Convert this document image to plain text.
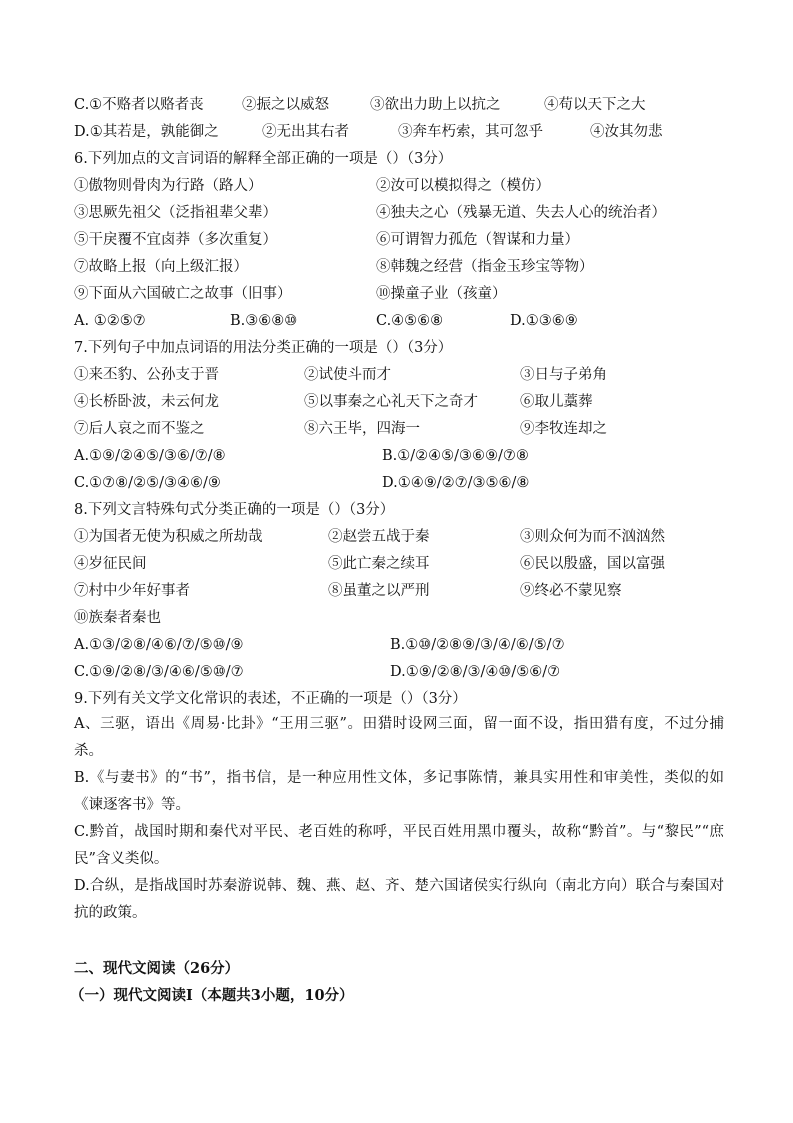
C.①不赂者以赂者丧	②振之以威怒	③欲出力助上以抗之	④苟以天下之大
D.①其若是，孰能御之	②无出其右者	③奔车朽索，其可忽乎	④汝其勿悲
6.下列加点的文言词语的解释全部正确的一项是（）（3分）
①傲物则骨肉为行路（路人）	②汝可以模拟得之（模仿）
③思厥先祖父（泛指祖辈父辈）	④独夫之心（残暴无道、失去人心的统治者）
⑤干戾覆不宜卤莽（多次重复）	⑥可谓智力孤危（智谋和力量）
⑦故略上报（向上级汇报）	⑧韩魏之经营（指金玉珍宝等物）
⑨下面从六国破亡之故事（旧事）	⑩操童子业（孩童）
A. ①②⑤⑦	B.③⑥⑧⑩	C.④⑤⑥⑧	D.①③⑥⑨
7.下列句子中加点词语的用法分类正确的一项是（）（3分）
①来丕豹、公孙支于晋	②试使斗而才	③日与子弟角
④长桥卧波，未云何龙	⑤以事秦之心礼天下之奇才	⑥取儿藁葬
⑦后人哀之而不鉴之	⑧六王毕，四海一	⑨李牧连却之
A.①⑨/②④⑤/③⑥/⑦/⑧	B.①/②④⑤/③⑥⑨/⑦⑧
C.①⑦⑧/②⑤/③④⑥/⑨	D.①④⑨/②⑦/③⑤⑥/⑧
8.下列文言特殊句式分类正确的一项是（）（3分）
①为国者无使为积威之所劫哉	②赵尝五战于秦	③则众何为而不汹汹然
④岁征民间	⑤此亡秦之续耳	⑥民以殷盛，国以富强
⑦村中少年好事者	⑧虽董之以严刑	⑨终必不蒙见察
⑩族秦者秦也
A.①③/②⑧/④⑥/⑦/⑤⑩/⑨	B.①⑩/②⑧⑨/③/④/⑥/⑤/⑦
C.①⑨/②⑧/③/④⑥/⑤⑩/⑦	D.①⑨/②⑧/③/④⑩/⑤⑥/⑦
9.下列有关文学文化常识的表述，不正确的一项是（）（3分）
A、三驱，语出《周易·比卦》“王用三驱”。田猎时设网三面，留一面不设，指田猎有度，不过分捕杀。
B.《与妻书》的“书”，指书信，是一种应用性文体，多记事陈情，兼具实用性和审美性，类似的如《谏逐客书》等。
C.黔首，战国时期和秦代对平民、老百姓的称呼，平民百姓用黑巾覆头，故称“黔首”。与“黎民”“庶民”含义类似。
D.合纵，是指战国时苏秦游说韩、魏、燕、赵、齐、楚六国诸侯实行纵向（南北方向）联合与秦国对抗的政策。
二、现代文阅读（26分）
（一）现代文阅读I（本题共3小题，10分）
